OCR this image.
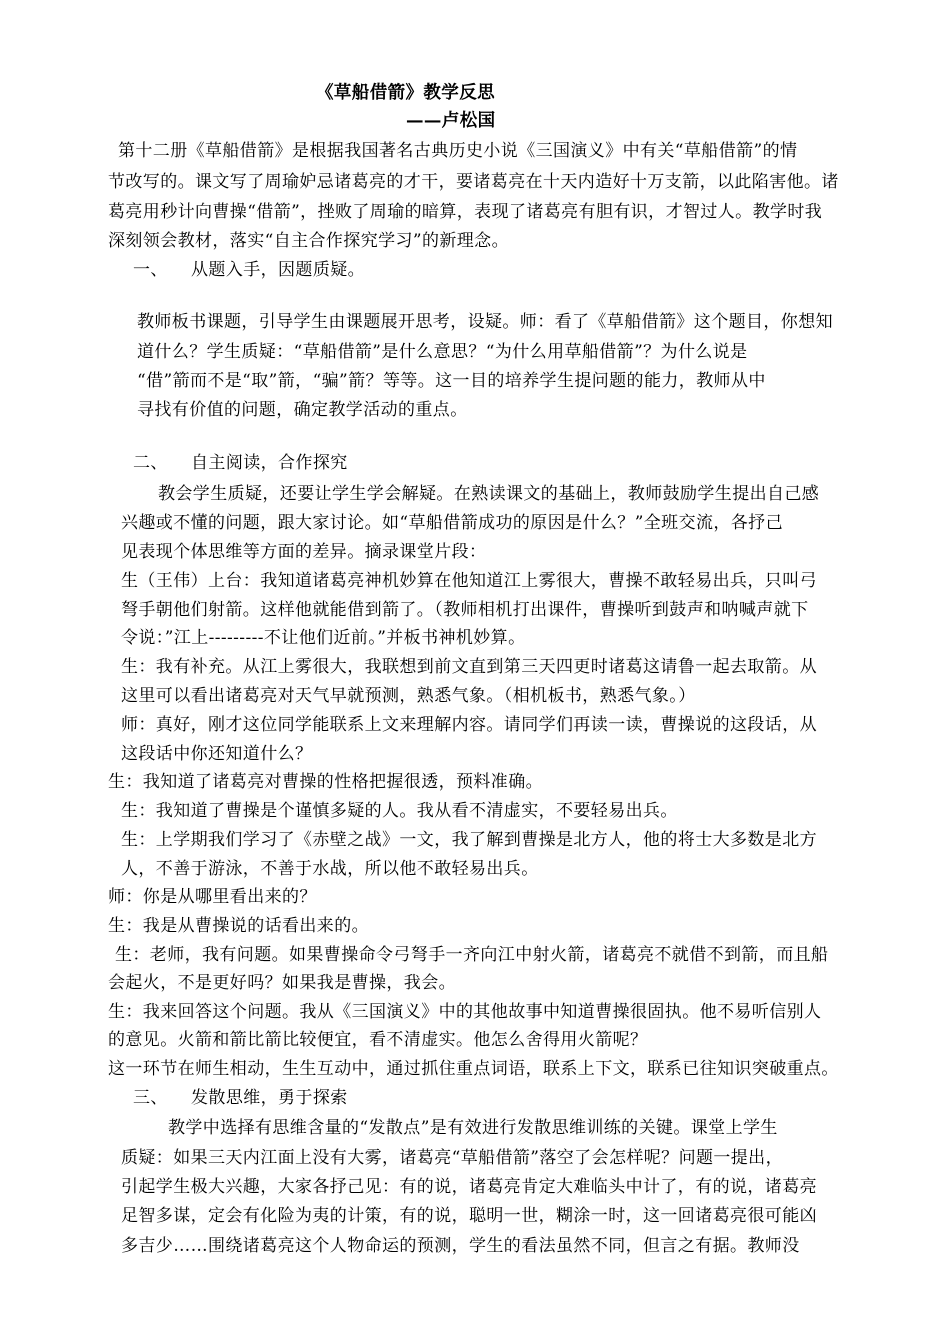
《草船借箭》教学反思
——卢松国
第十二册《草船借箭》是根据我国著名古典历史小说《三国演义》中有关“草船借箭”的情
节改写的。课文写了周瑜妒忌诸葛亮的才干，要诸葛亮在十天内造好十万支箭，以此陷害他。诸
葛亮用秒计向曹操“借箭”，挫败了周瑜的暗算，表现了诸葛亮有胆有识，才智过人。教学时我
深刻领会教材，落实“自主合作探究学习”的新理念。
一、    从题入手，因题质疑。
教师板书课题，引导学生由课题展开思考，设疑。师：看了《草船借箭》这个题目，你想知
道什么？学生质疑：“草船借箭”是什么意思？“为什么用草船借箭”？为什么说是
“借”箭而不是“取”箭，“骗”箭？等等。这一目的培养学生提问题的能力，教师从中
寻找有价值的问题，确定教学活动的重点。
二、    自主阅读，合作探究
教会学生质疑，还要让学生学会解疑。在熟读课文的基础上，教师鼓励学生提出自己感
兴趣或不懂的问题，跟大家讨论。如“草船借箭成功的原因是什么？”全班交流，各抒己
见表现个体思维等方面的差异。摘录课堂片段：
生（王伟）上台：我知道诸葛亮神机妙算在他知道江上雾很大，曹操不敢轻易出兵，只叫弓
弩手朝他们射箭。这样他就能借到箭了。（教师相机打出课件，曹操听到鼓声和呐喊声就下
令说：”江上---------不让他们近前。”并板书神机妙算。
生：我有补充。从江上雾很大，我联想到前文直到第三天四更时诸葛这请鲁一起去取箭。从
这里可以看出诸葛亮对天气早就预测，熟悉气象。（相机板书，熟悉气象。）
师：真好，刚才这位同学能联系上文来理解内容。请同学们再读一读，曹操说的这段话，从
这段话中你还知道什么？
生：我知道了诸葛亮对曹操的性格把握很透，预料准确。
生：我知道了曹操是个谨慎多疑的人。我从看不清虚实，不要轻易出兵。
生：上学期我们学习了《赤壁之战》一文，我了解到曹操是北方人，他的将士大多数是北方
人，不善于游泳，不善于水战，所以他不敢轻易出兵。
师：你是从哪里看出来的？
生：我是从曹操说的话看出来的。
生：老师，我有问题。如果曹操命令弓弩手一齐向江中射火箭，诸葛亮不就借不到箭，而且船
会起火，不是更好吗？如果我是曹操，我会。
生：我来回答这个问题。我从《三国演义》中的其他故事中知道曹操很固执。他不易听信别人
的意见。火箭和箭比箭比较便宜，看不清虚实。他怎么舍得用火箭呢？
这一环节在师生相动，生生互动中，通过抓住重点词语，联系上下文，联系已往知识突破重点。
三、    发散思维，勇于探索
教学中选择有思维含量的“发散点”是有效进行发散思维训练的关键。课堂上学生
质疑：如果三天内江面上没有大雾，诸葛亮“草船借箭”落空了会怎样呢？问题一提出，
引起学生极大兴趣，大家各抒己见：有的说，诸葛亮肯定大难临头中计了，有的说，诸葛亮
足智多谋，定会有化险为夷的计策，有的说，聪明一世，糊涂一时，这一回诸葛亮很可能凶
多吉少……围绕诸葛亮这个人物命运的预测，学生的看法虽然不同，但言之有据。教师没
